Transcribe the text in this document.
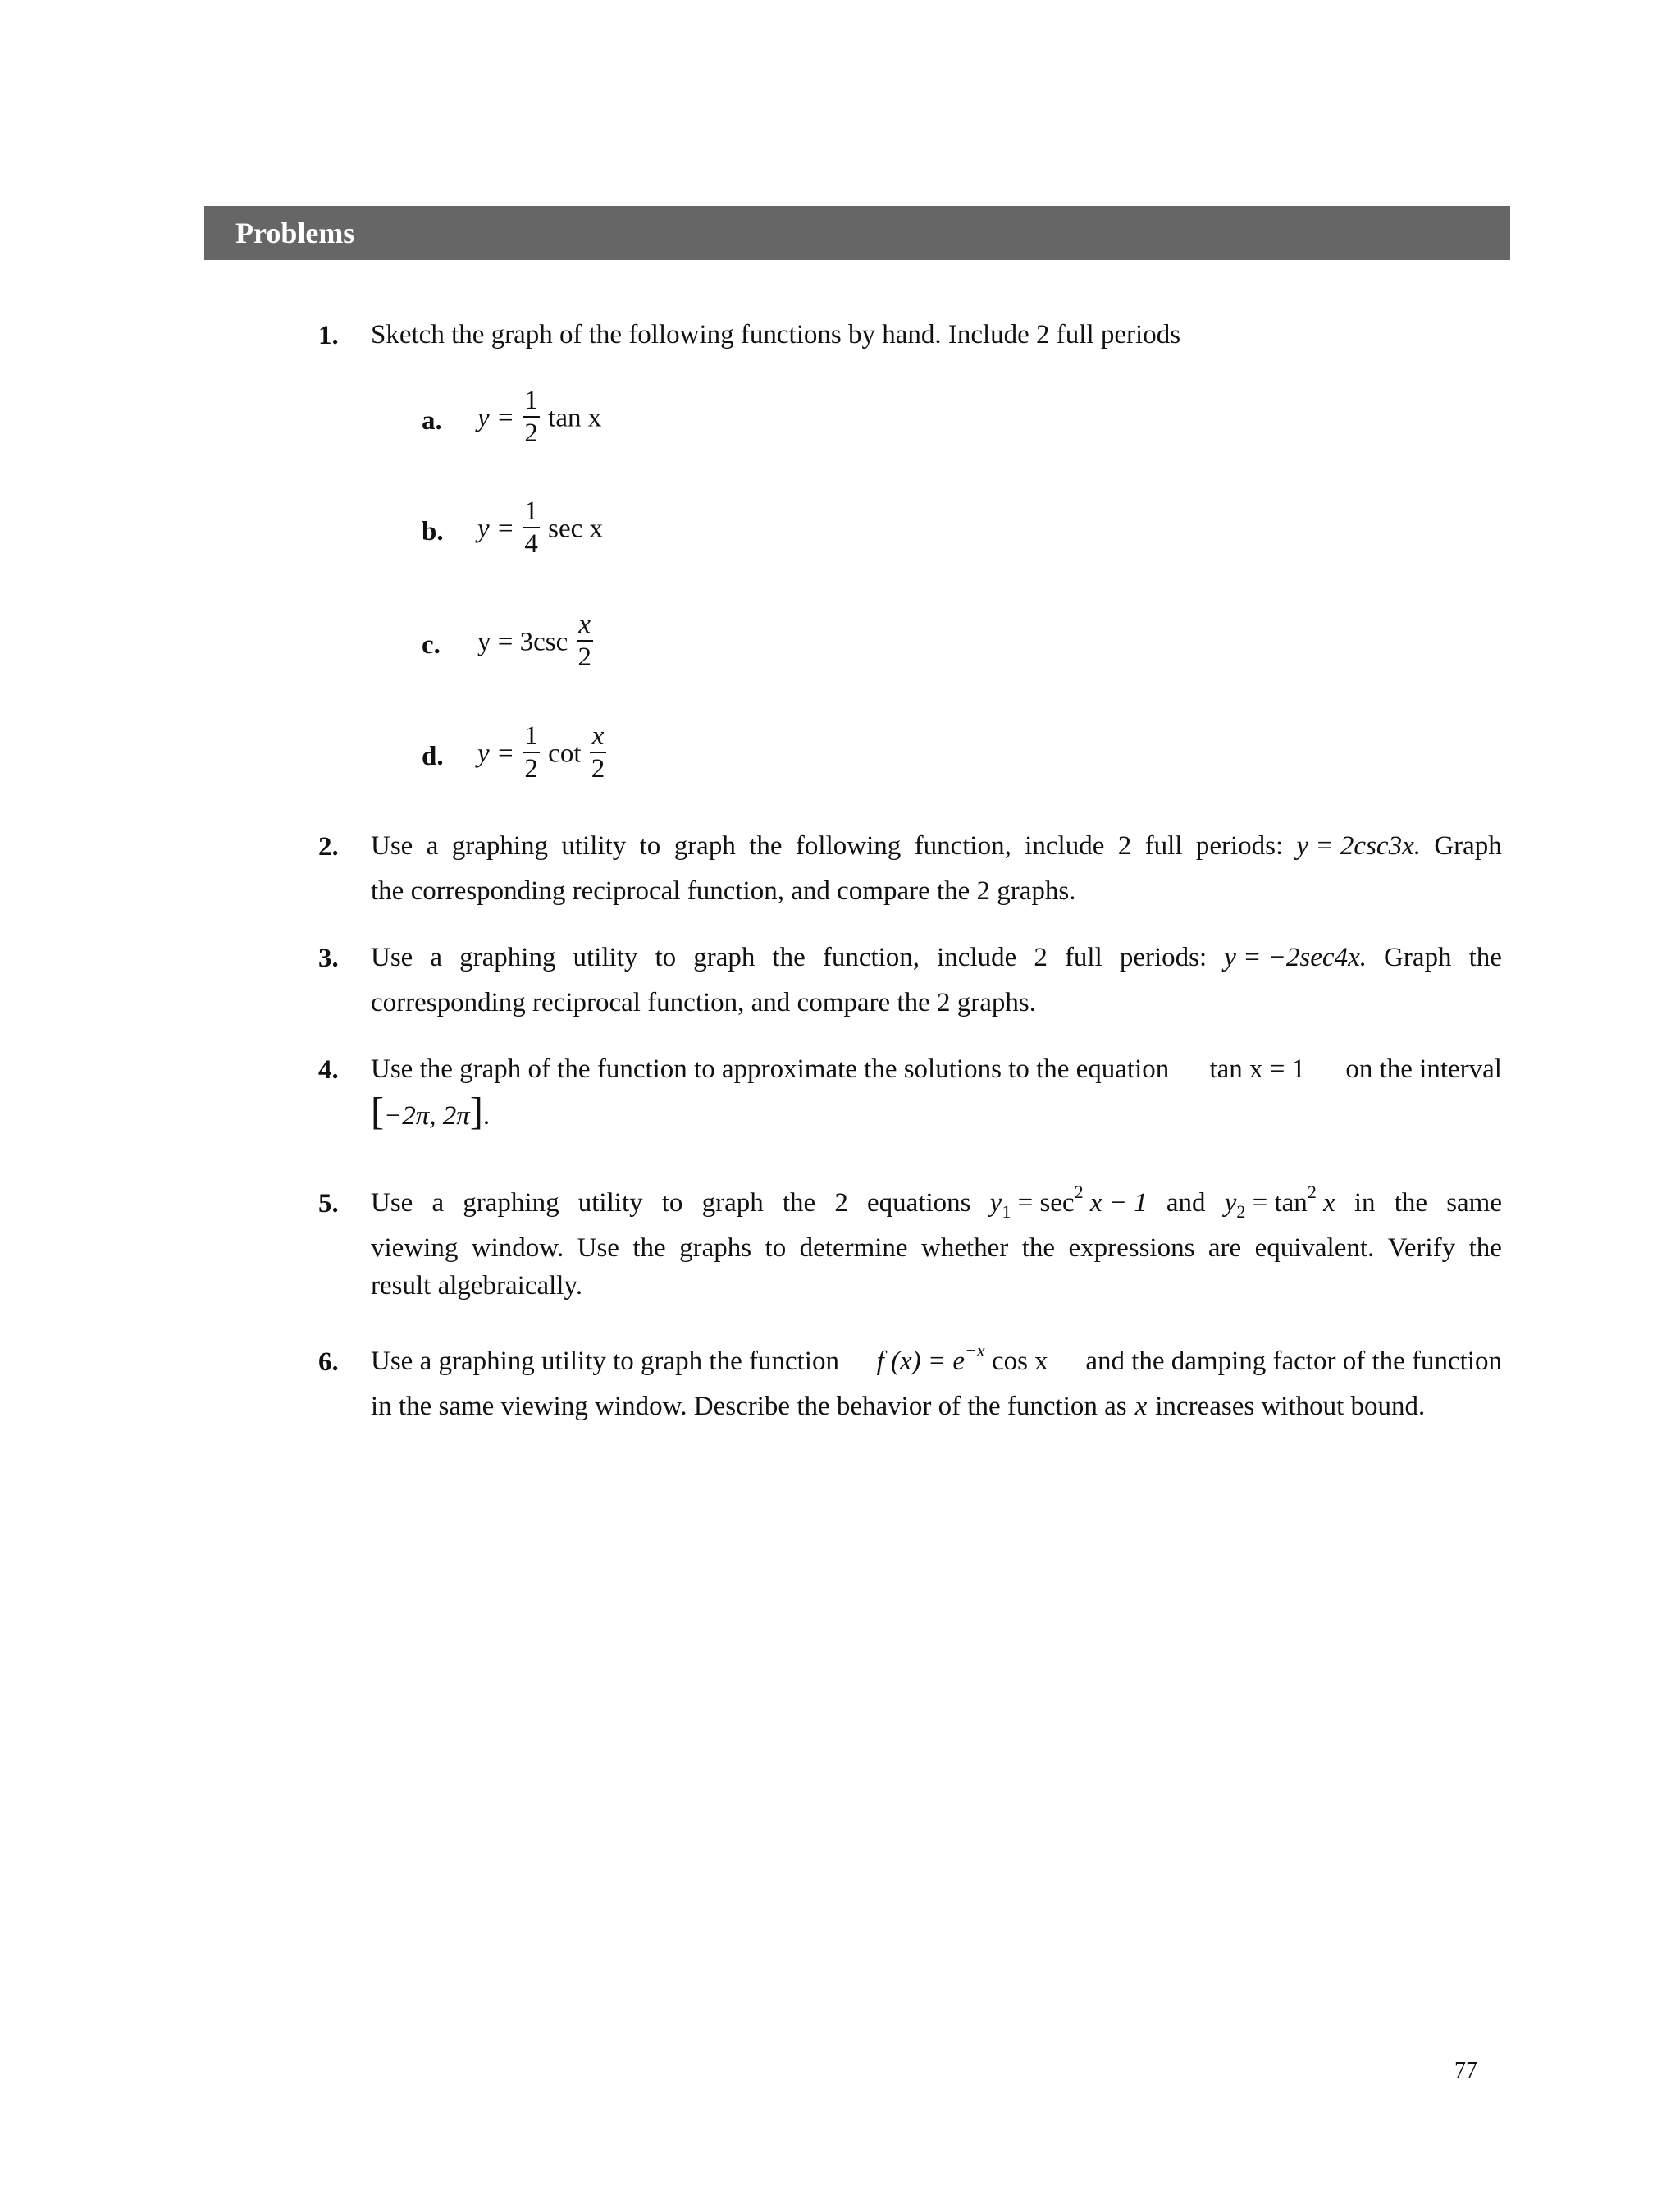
Problems
1. Sketch the graph of the following functions by hand. Include 2 full periods
a. $y = \frac{1}{2}$ tan x
b. $y = \frac{1}{4}$ sec x
c. $y = 3\csc \frac{x}{2}$
d. $y = \frac{1}{2}$ $\cot \frac{x}{2}$
2. Use a graphing utility to graph the following function, include 2 full periods: y = 2csc3x. Graph
the corresponding reciprocal function, and compare the 2 graphs.
3. Use a graphing utility to graph the function, include 2 full periods: y = −2sec4x. Graph the
corresponding reciprocal function, and compare the 2 graphs.
4. Use the graph of the function to approximate the solutions to the equation tan x = 1 on the interval
[−2π, 2π].
5. Use a graphing utility to graph the 2 equations $y_1 = \sec^2 x - 1$ and $y_2 = \tan^2 x$ in the same
viewing window. Use the graphs to determine whether the expressions are equivalent. Verify the
result algebraically.
6. Use a graphing utility to graph the function f $(x) = e^{-x}$ cos x and the damping factor of the function
in the same viewing window. Describe the behavior of the function as x increases without bound.
77
